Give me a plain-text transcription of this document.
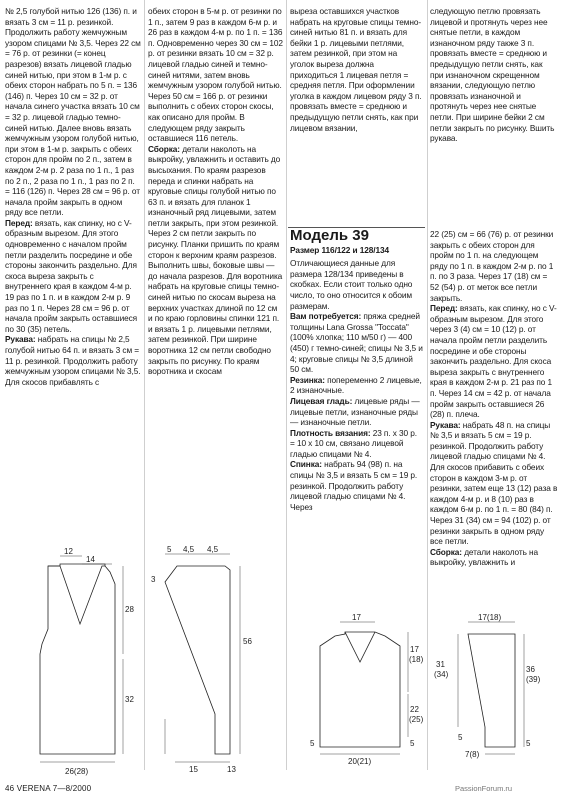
№ 2,5 голубой нитью 126 (136) п. и вязать 3 см = 11 р. резинкой. Продолжить работу жемчужным узором спицами № 3,5. Через 22 см = 76 р. от резинки (= конец разрезов) вязать лицевой гладью синей нитью, при этом в 1-м р. с обеих сторон набрать по 5 п. = 136 (146) п. Через 10 см = 32 р. от начала синего участка вязать 10 см = 32 р. лицевой гладью темно-синей нитью. Далее вновь вязать жемчужным узором голубой нитью, при этом в 1-м р. закрыть с обеих сторон для пройм по 2 п., затем в каждом 2-м р. 2 раза по 1 п., 1 раз по 2 п., 2 раза по 1 п., 1 раз по 2 п. = 116 (126) п. Через 28 см = 96 р. от начала пройм закрыть в одном ряду все петли.

Перед: вязать, как спинку, но с V-образным вырезом. Для этого одновременно с началом пройм петли разделить посредине и обе стороны закончить раздельно. Для скоса выреза закрыть с внутреннего края в каждом 4-м р. 19 раз по 1 п. и в каждом 2-м р. 9 раз по 1 п. Через 28 см = 96 р. от начала пройм закрыть оставшиеся по 30 (35) петель.

Рукава: набрать на спицы № 2,5 голубой нитью 64 п. и вязать 3 см = 11 р. резинкой. Продолжить работу жемчужным узором спицами № 3,5. Для скосов прибавлять с

обеих сторон в 5-м р. от резинки по 1 п., затем 9 раз в каждом 6-м р. и 26 раз в каждом 4-м р. по 1 п. = 136 п. Одновременно через 30 см = 102 р. от резинки вязать 10 см = 32 р. лицевой гладью синей и темно-синей нитями, затем вновь жемчужным узором голубой нитью. Через 50 см = 166 р. от резинки выполнить с обеих сторон скосы, как описано для пройм. В следующем ряду закрыть оставшиеся 116 петель.

Сборка: детали наколоть на выкройку, увлажнить и оставить до высыхания. По краям разрезов переда и спинки набрать на круговые спицы голубой нитью по 63 п. и вязать для планок 1 изнаночный ряд лицевыми, затем петли закрыть, при этом резинкой. Через 2 см петли закрыть по рисунку. Планки пришить по краям сторон к верхним краям разрезов. Выполнить швы, боковые швы — до начала разрезов. Для воротника набрать на круговые спицы темно-синей нитью по скосам выреза на верхних участках длиной по 12 см и по краю горловины спинки 121 п. и вязать 1 р. лицевыми петлями, затем резинкой. При ширине воротника 12 см петли свободно закрыть по рисунку. По краям воротника и скосам

выреза оставшихся участков набрать на круговые спицы темно-синей нитью 81 п. и вязать для бейки 1 р. лицевыми петлями, затем резинкой, при этом на уголок выреза должна приходиться 1 лицевая петля = средняя петля. При оформлении уголка в каждом лицевом ряду 3 п. провязать вместе = среднюю и предыдущую петли снять, как при лицевом вязании,

следующую петлю провязать лицевой и протянуть через нее снятые петли, в каждом изнаночном ряду также 3 п. провязать вместе = среднюю и предыдущую петли снять, как при изнаночном скрещенном вязании, следующую петлю провязать изнаночной и протянуть через нее снятые петли. При ширине бейки 2 см петли закрыть по рисунку. Вшить рукава.

Модель 39

Размер 116/122 и 128/134

Отличающиеся данные для размера 128/134 приведены в скобках. Если стоит только одно число, то оно относится к обоим размерам.

Вам потребуется: пряжа средней толщины Lana Grossa "Toccata" (100% хлопка; 110 м/50 г) — 400 (450) г темно-синей; спицы № 3,5 и 4; круговые спицы № 3,5 длиной 50 см.

Резинка: попеременно 2 лицевые, 2 изнаночные.

Лицевая гладь: лицевые ряды — лицевые петли, изнаночные ряды — изнаночные петли.

Плотность вязания: 23 п. х 30 р. = 10 х 10 см, связано лицевой гладью спицами № 4.

Спинка: набрать 94 (98) п. на спицы № 3,5 и вязать 5 см = 19 р. резинкой. Продолжить работу лицевой гладью спицами № 4. Через

22 (25) см = 66 (76) р. от резинки закрыть с обеих сторон для пройм по 1 п. на следующем ряду по 1 п. в каждом 2-м р. по 1 п. по 3 раза. Через 17 (18) см = 52 (54) р. от меток все петли закрыть.

Перед: вязать, как спинку, но с V-образным вырезом. Для этого через 3 (4) см = 10 (12) р. от начала пройм петли разделить посредине и обе стороны закончить раздельно. Для скоса выреза закрыть с внутреннего края в каждом 2-м р. 21 раз по 1 п. Через 14 см = 42 р. от начала пройм закрыть оставшиеся 26 (28) п. плеча.

Рукава: набрать 48 п. на спицы № 3,5 и вязать 5 см = 19 р. резинкой. Продолжить работу лицевой гладью спицами № 4. Для скосов прибавить с обеих сторон в каждом 3-м р. от резинки, затем еще 13 (12) раза в каждом 4-м р. и 8 (10) раз в каждом 6-м р. по 1 п. = 80 (84) п. Через 31 (34) см = 94 (102) р. от резинки закрыть в одном ряду все петли.

Сборка: детали наколоть на выкройку, увлажнить и

12
14
28
32
26(28)
5 4,5 4,5
56
3
15	13
17
17
(18)
22
(25)
5
5
20(21)
17(18)
31
(34)
36
(39)
5
7(8)
5
46 VERENA 7—8/2000	PassionForum.ru
